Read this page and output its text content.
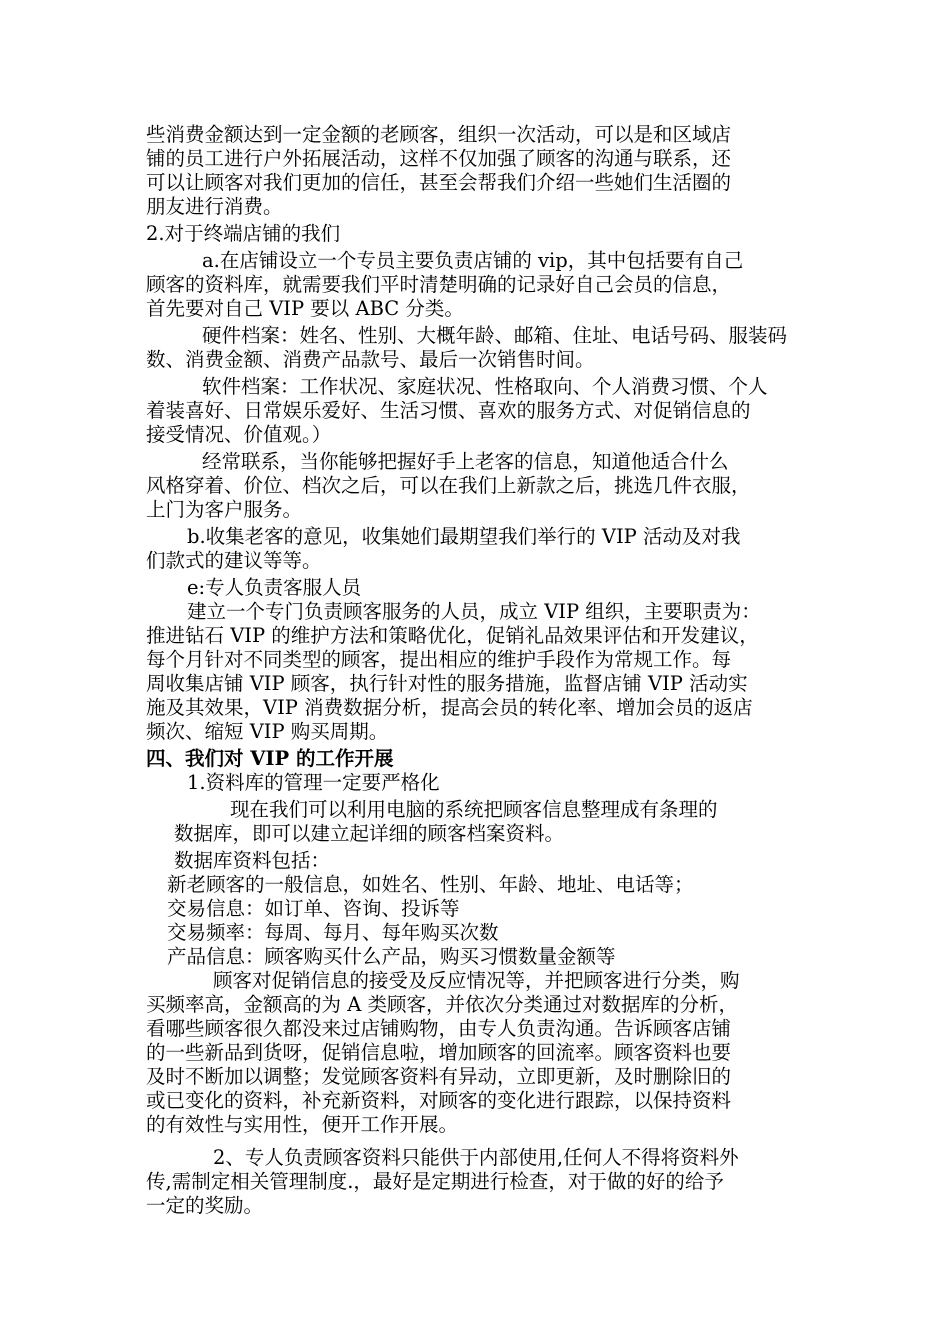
些消费金额达到一定金额的老顾客，组织一次活动，可以是和区域店
铺的员工进行户外拓展活动，这样不仅加强了顾客的沟通与联系，还
可以让顾客对我们更加的信任，甚至会帮我们介绍一些她们生活圈的
朋友进行消费。
2.对于终端店铺的我们
a.在店铺设立一个专员主要负责店铺的 vip，其中包括要有自己
顾客的资料库，就需要我们平时清楚明确的记录好自己会员的信息，
首先要对自己 VIP 要以 ABC 分类。
硬件档案：姓名、性别、大概年龄、邮箱、住址、电话号码、服装码
数、消费金额、消费产品款号、最后一次销售时间。
软件档案：工作状况、家庭状况、性格取向、个人消费习惯、个人
着装喜好、日常娱乐爱好、生活习惯、喜欢的服务方式、对促销信息的
接受情况、价值观。）
经常联系，当你能够把握好手上老客的信息，知道他适合什么
风格穿着、价位、档次之后，可以在我们上新款之后，挑选几件衣服，
上门为客户服务。
b.收集老客的意见，收集她们最期望我们举行的 VIP 活动及对我
们款式的建议等等。
e:专人负责客服人员
建立一个专门负责顾客服务的人员，成立 VIP 组织，主要职责为：
推进钻石 VIP 的维护方法和策略优化，促销礼品效果评估和开发建议，
每个月针对不同类型的顾客，提出相应的维护手段作为常规工作。每
周收集店铺 VIP 顾客，执行针对性的服务措施，监督店铺 VIP 活动实
施及其效果，VIP 消费数据分析，提高会员的转化率、增加会员的返店
频次、缩短 VIP 购买周期。
四、我们对 VIP 的工作开展
1.资料库的管理一定要严格化
现在我们可以利用电脑的系统把顾客信息整理成有条理的
数据库，即可以建立起详细的顾客档案资料。
数据库资料包括：
新老顾客的一般信息，如姓名、性别、年龄、地址、电话等；
交易信息：如订单、咨询、投诉等
交易频率：每周、每月、每年购买次数
产品信息：顾客购买什么产品，购买习惯数量金额等
顾客对促销信息的接受及反应情况等，并把顾客进行分类，购
买频率高，金额高的为 A 类顾客，并依次分类通过对数据库的分析，
看哪些顾客很久都没来过店铺购物，由专人负责沟通。告诉顾客店铺
的一些新品到货呀，促销信息啦，增加顾客的回流率。顾客资料也要
及时不断加以调整；发觉顾客资料有异动，立即更新，及时删除旧的
或已变化的资料，补充新资料，对顾客的变化进行跟踪，以保持资料
的有效性与实用性，便开工作开展。
2、专人负责顾客资料只能供于内部使用,任何人不得将资料外
传,需制定相关管理制度.，最好是定期进行检查，对于做的好的给予
一定的奖励。
